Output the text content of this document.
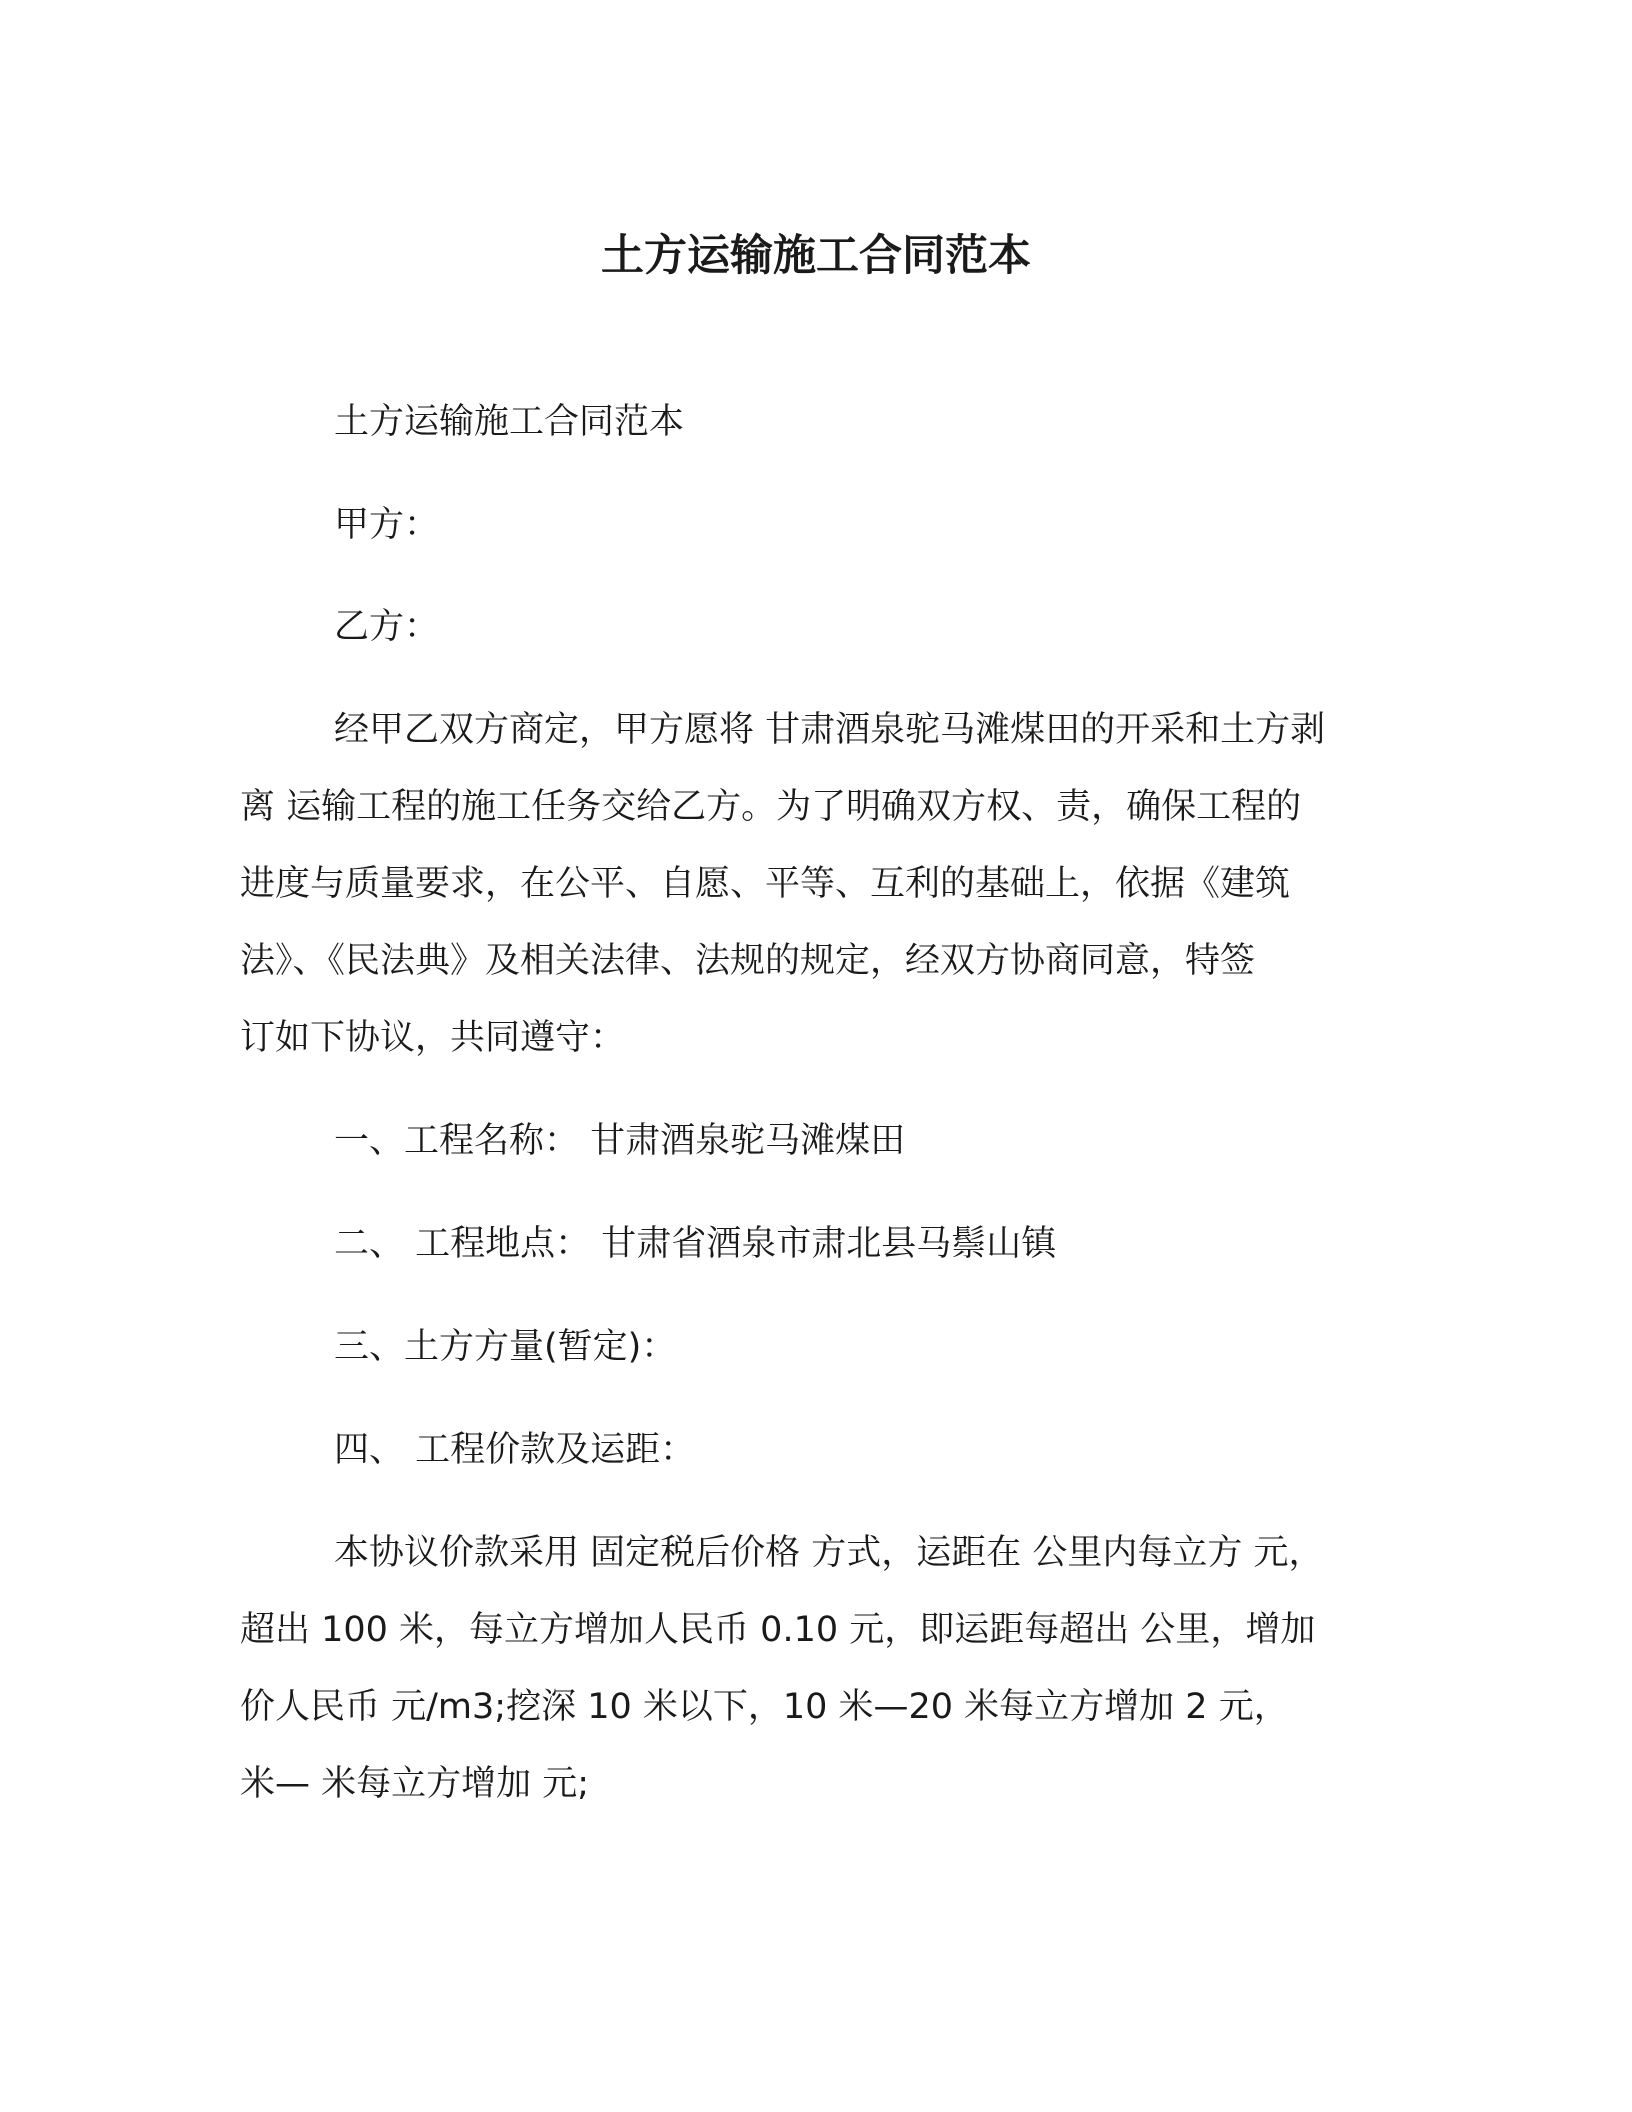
土方运输施工合同范本

土方运输施工合同范本

甲方：

乙方：

经甲乙双方商定，甲方愿将 甘肃酒泉驼马滩煤田的开采和土方剥

离 运输工程的施工任务交给乙方。为了明确双方权、责，确保工程的

进度与质量要求，在公平、自愿、平等、互利的基础上，依据《建筑

法》、《民法典》及相关法律、法规的规定，经双方协商同意，特签

订如下协议，共同遵守：

一、工程名称： 甘肃酒泉驼马滩煤田

二、 工程地点： 甘肃省酒泉市肃北县马鬃山镇

三、土方方量(暂定)：

四、 工程价款及运距：

本协议价款采用 固定税后价格 方式，运距在 公里内每立方 元，

超出 100 米，每立方增加人民币 0.10 元，即运距每超出 公里，增加

价人民币 元/m3;挖深 10 米以下，10 米—20 米每立方增加 2 元，

米— 米每立方增加 元;
